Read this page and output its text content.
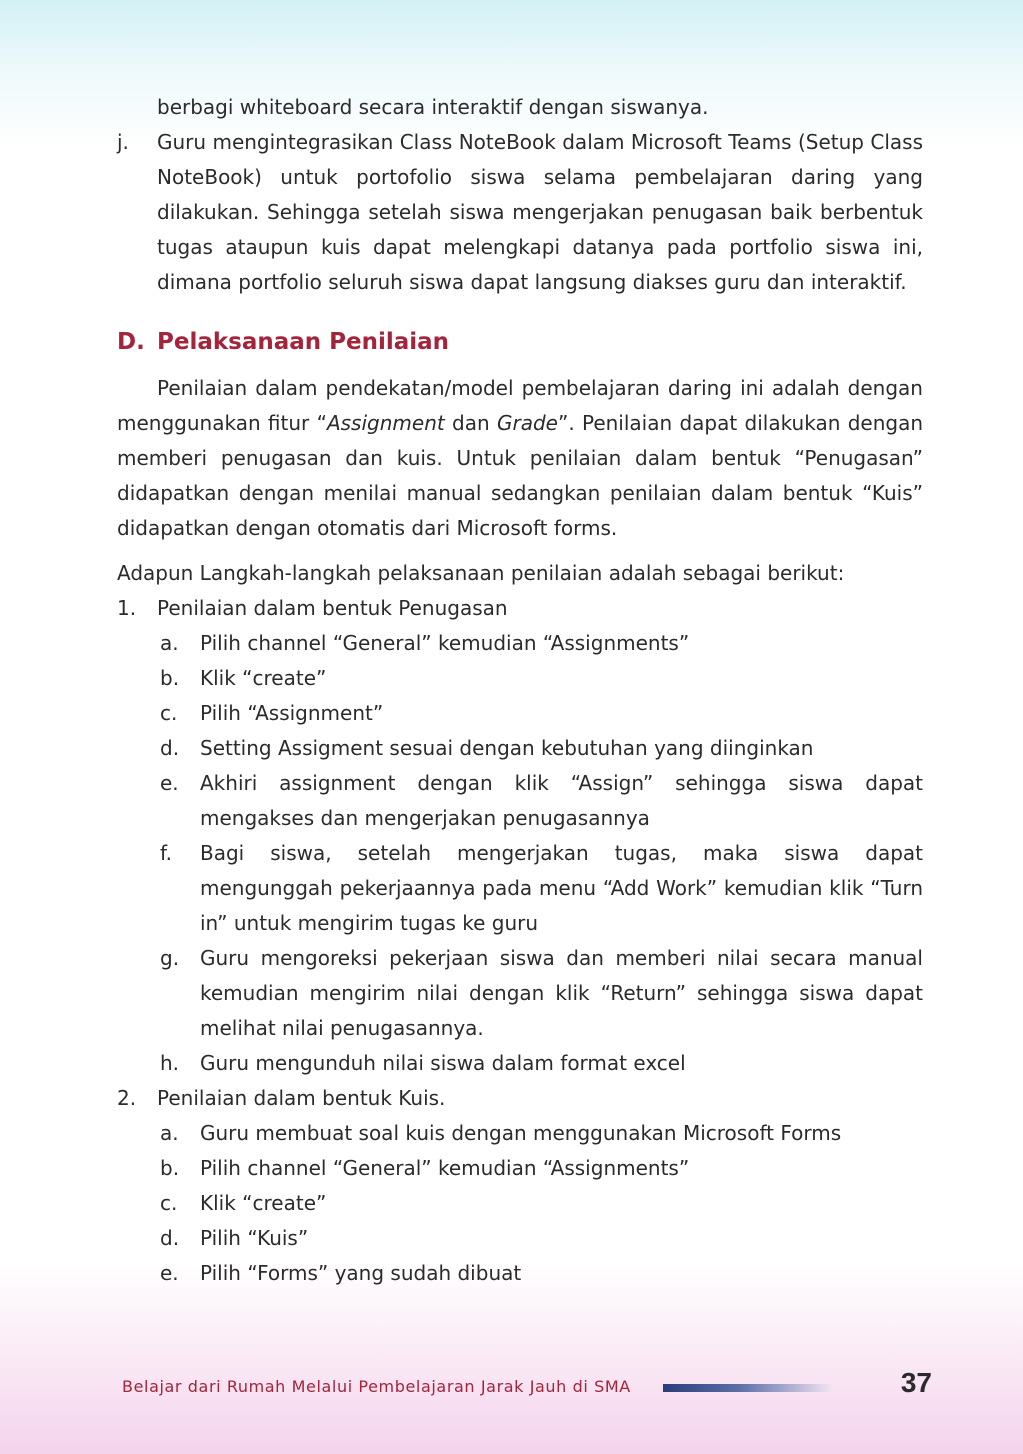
berbagi whiteboard secara interaktif dengan siswanya.

j. Guru mengintegrasikan Class NoteBook dalam Microsoft Teams (Setup Class NoteBook) untuk portofolio siswa selama pembelajaran daring yang dilakukan. Sehingga setelah siswa mengerjakan penugasan baik berbentuk tugas ataupun kuis dapat melengkapi datanya pada portfolio siswa ini, dimana portfolio seluruh siswa dapat langsung diakses guru dan interaktif.
D. Pelaksanaan Penilaian

Penilaian dalam pendekatan/model pembelajaran daring ini adalah dengan menggunakan fitur “Assignment dan Grade”. Penilaian dapat dilakukan dengan memberi penugasan dan kuis. Untuk penilaian dalam bentuk “Penugasan” didapatkan dengan menilai manual sedangkan penilaian dalam bentuk “Kuis” didapatkan dengan otomatis dari Microsoft forms.

Adapun Langkah-langkah pelaksanaan penilaian adalah sebagai berikut:

1. Penilaian dalam bentuk Penugasan
a. Pilih channel “General” kemudian “Assignments”
b. Klik “create”
c. Pilih “Assignment”
d. Setting Assigment sesuai dengan kebutuhan yang diinginkan
e. Akhiri assignment dengan klik “Assign” sehingga siswa dapat mengakses dan mengerjakan penugasannya
f. Bagi siswa, setelah mengerjakan tugas, maka siswa dapat mengunggah pekerjaannya pada menu “Add Work” kemudian klik “Turn in” untuk mengirim tugas ke guru
g. Guru mengoreksi pekerjaan siswa dan memberi nilai secara manual kemudian mengirim nilai dengan klik “Return” sehingga siswa dapat melihat nilai penugasannya.
h. Guru mengunduh nilai siswa dalam format excel
2. Penilaian dalam bentuk Kuis.
a. Guru membuat soal kuis dengan menggunakan Microsoft Forms
b. Pilih channel “General” kemudian “Assignments”
c. Klik “create”
d. Pilih “Kuis”
e. Pilih “Forms” yang sudah dibuat
Belajar dari Rumah Melalui Pembelajaran Jarak Jauh di SMA	37
